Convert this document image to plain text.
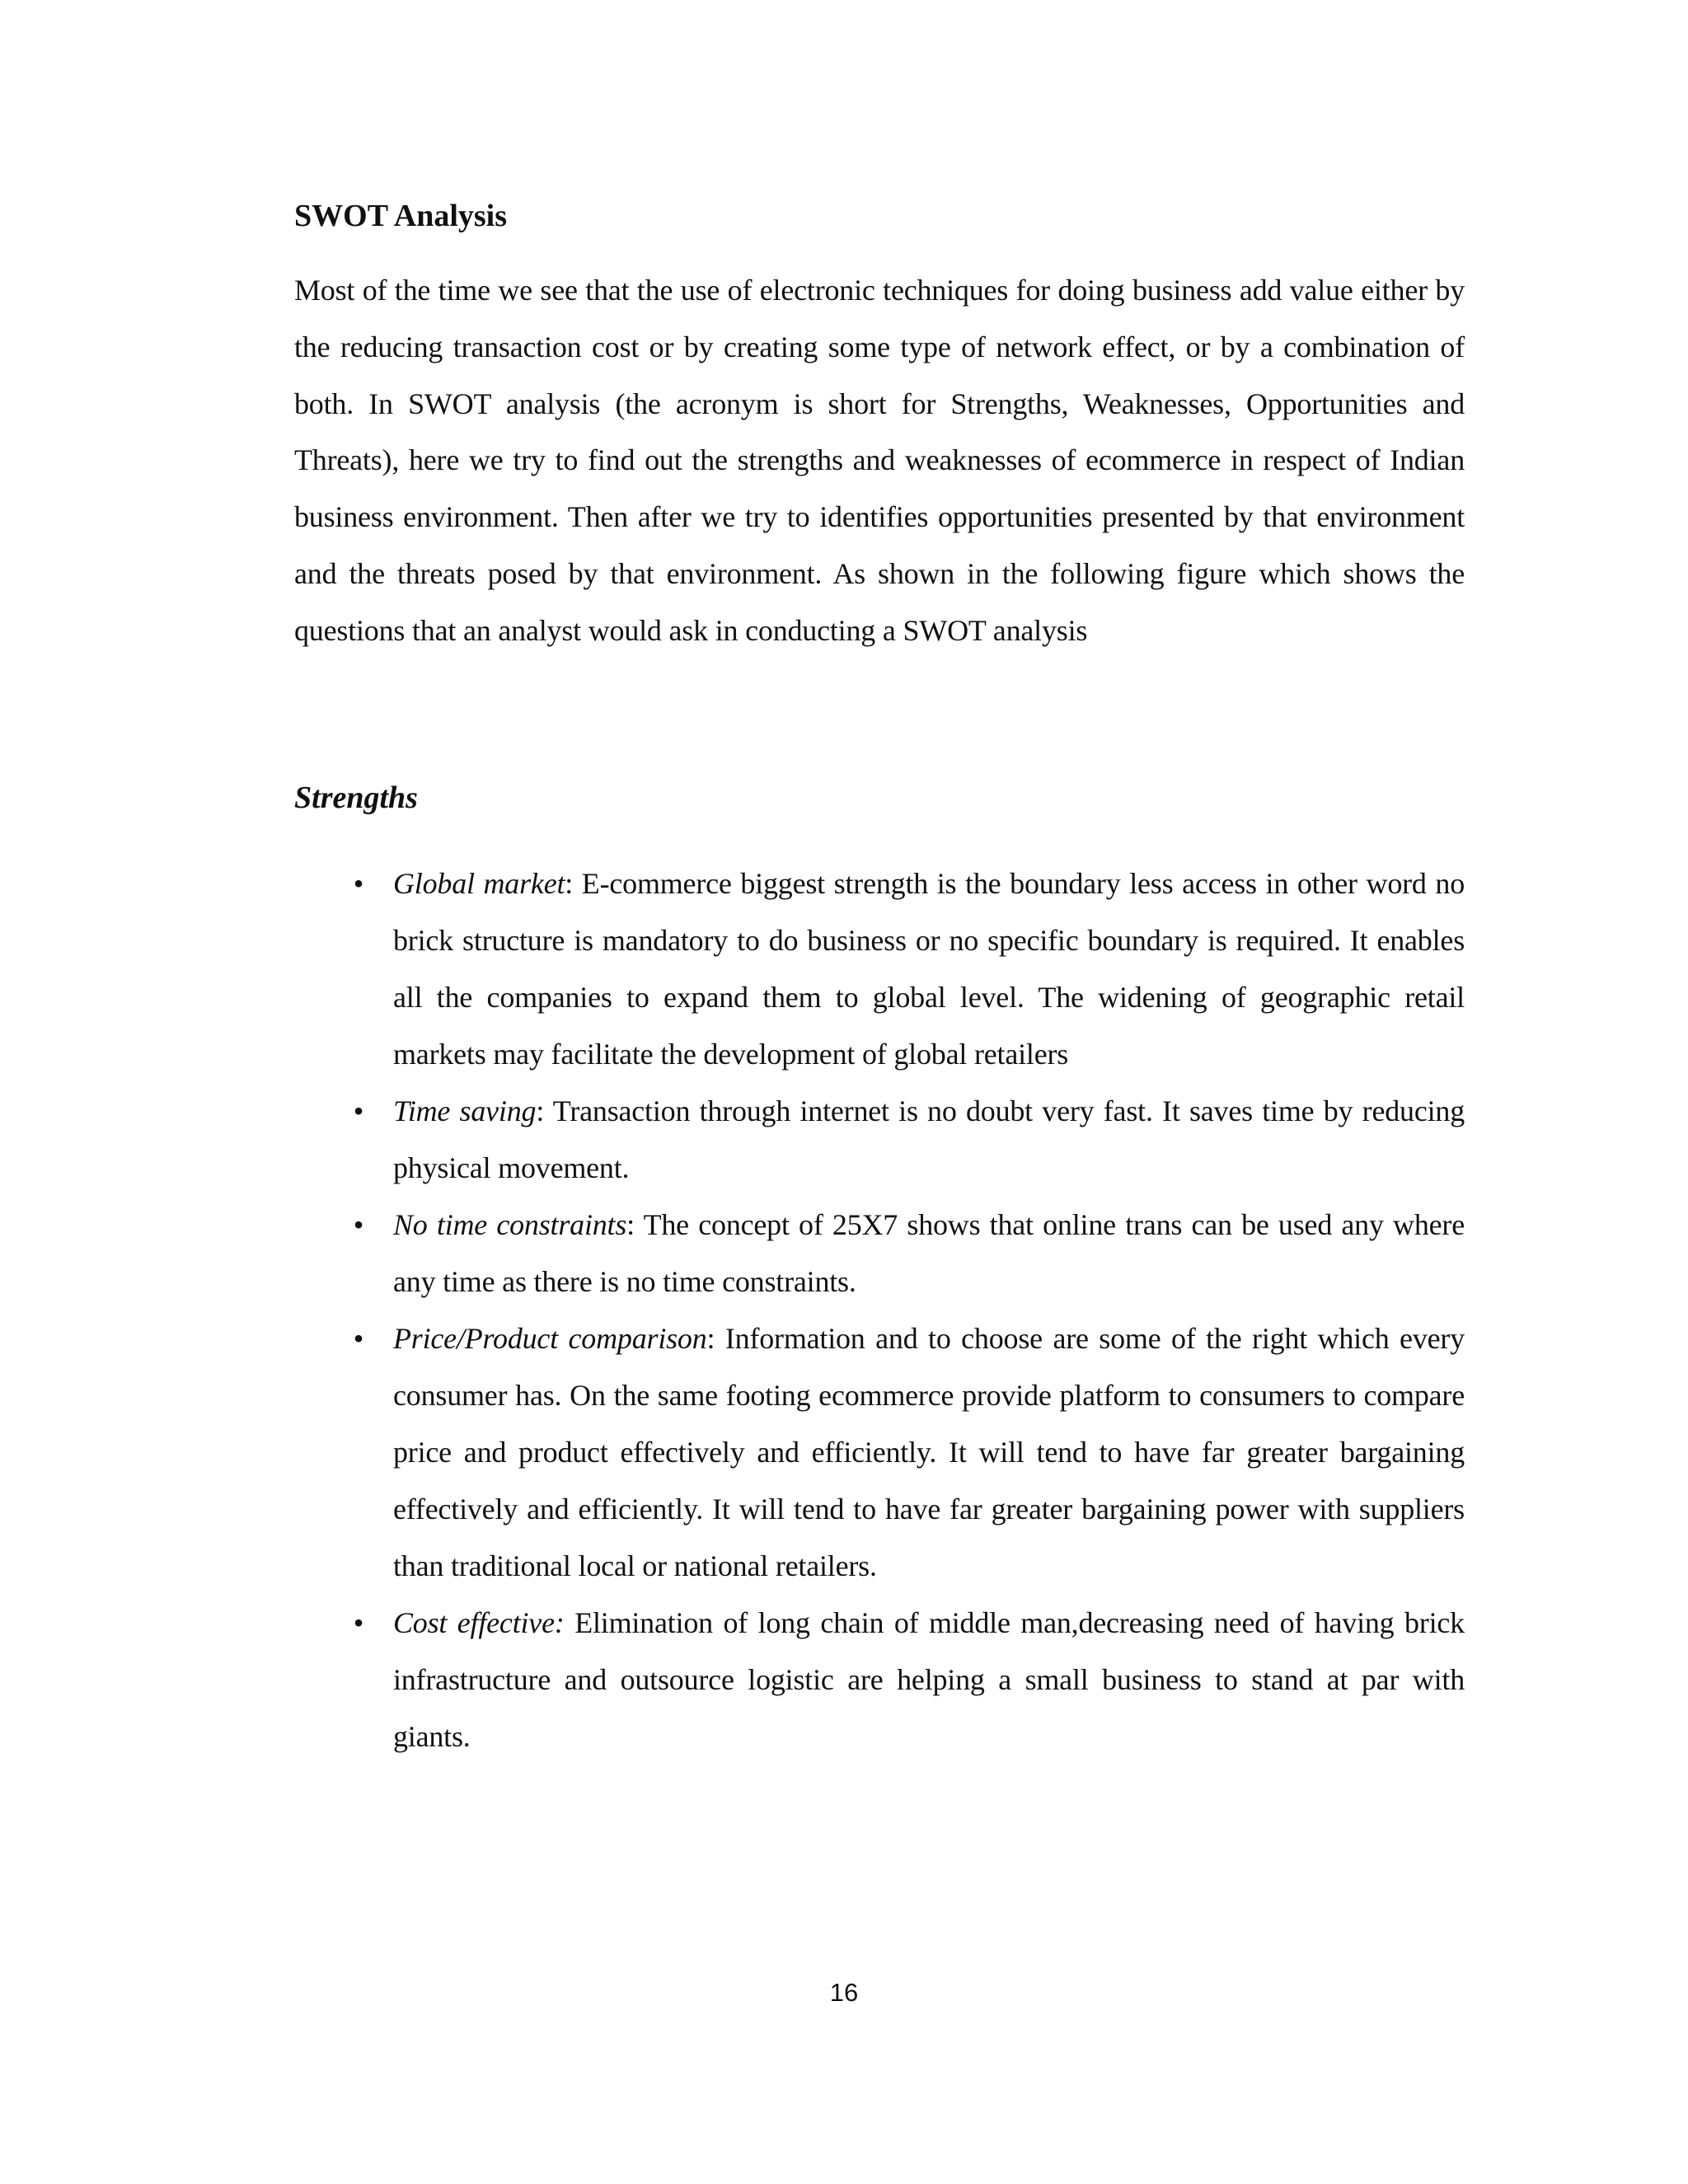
SWOT Analysis

Most of the time we see that the use of electronic techniques for doing business add value either by the reducing transaction cost or by creating some type of network effect, or by a combination of both. In SWOT analysis (the acronym is short for Strengths, Weaknesses, Opportunities and Threats), here we try to find out the strengths and weaknesses of ecommerce in respect of Indian business environment. Then after we try to identifies opportunities presented by that environment and the threats posed by that environment. As shown in the following figure which shows the questions that an analyst would ask in conducting a SWOT analysis

Strengths
• Global market: E-commerce biggest strength is the boundary less access in other word no brick structure is mandatory to do business or no specific boundary is required. It enables all the companies to expand them to global level. The widening of geographic retail markets may facilitate the development of global retailers
• Time saving: Transaction through internet is no doubt very fast. It saves time by reducing physical movement.
• No time constraints: The concept of 25X7 shows that online trans can be used any where any time as there is no time constraints.
• Price/Product comparison: Information and to choose are some of the right which every consumer has. On the same footing ecommerce provide platform to consumers to compare price and product effectively and efficiently. It will tend to have far greater bargaining effectively and efficiently. It will tend to have far greater bargaining power with suppliers than traditional local or national retailers.
• Cost effective: Elimination of long chain of middle man,decreasing need of having brick infrastructure and outsource logistic are helping a small business to stand at par with giants.
16
